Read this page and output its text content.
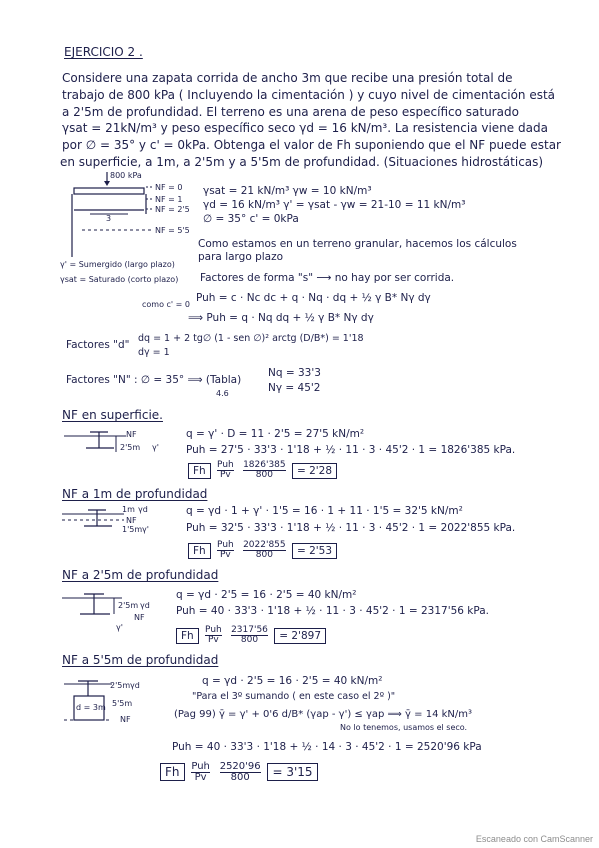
EJERCICIO 2 .
Considere una zapata corrida de ancho 3m que recibe una presión total de
trabajo de 800 kPa ( Incluyendo la cimentación ) y cuyo nivel de cimentación está
a 2'5m de profundidad. El terreno es una arena de peso específico saturado
γsat = 21kN/m³ y peso específico seco γd = 16 kN/m³. La resistencia viene dada
por ∅ = 35° y c' = 0kPa. Obtenga el valor de Fh suponiendo que el NF puede estar
en superficie, a 1m, a 2'5m y a 5'5m de profundidad. (Situaciones hidrostáticas)
800 kPa
NF = 0
NF = 1
NF = 2'5
NF = 5'5
3
γsat = 21 kN/m³ γw = 10 kN/m³
γd = 16 kN/m³ γ' = γsat - γw = 21-10 = 11 kN/m³
∅ = 35° c' = 0kPa
Como estamos en un terreno granular, hacemos los cálculos
para largo plazo
γ' = Sumergido (largo plazo)
γsat = Saturado (corto plazo) Factores de forma "s" ⟶ no hay por ser corrida.
como c' = 0
Puh = c · Nc dc + q · Nq · dq + ½ γ B* Nγ dγ
⟹ Puh = q · Nq dq + ½ γ B* Nγ dγ
Factores "d"
dq = 1 + 2 tg∅ (1 - sen ∅)² arctg (D/B*) = 1'18
dγ = 1
Factores "N" : ∅ = 35° ⟹ (Tabla)
4.6
Nq = 33'3
Nγ = 45'2
NF en superficie.
NF
2'5m γ'
q = γ' · D = 11 · 2'5 = 27'5 kN/m²
Puh = 27'5 · 33'3 · 1'18 + ½ · 11 · 3 · 45'2 · 1 = 1826'385 kPa.
Fh Puh
Pv
	$\frac{1826'385}{800} = 2'28$
NF a 1m de profundidad
1m γd
NF
1'5m γ'
q = γd · 1 + γ' · 1'5 = 16 · 1 + 11 · 1'5 = 32'5 kN/m²
Puh = 32'5 · 33'3 · 1'18 + ½ · 11 · 3 · 45'2 · 1 = 2022'855 kPa.
Fh Puh
Pv
	$\frac{2022'855}{800} = 2'53$
NF a 2'5m de profundidad
2'5m γd
NF
γ'
q = γd · 2'5 = 16 · 2'5 = 40 kN/m²
Puh = 40 · 33'3 · 1'18 + ½ · 11 · 3 · 45'2 · 1 = 2317'56 kPa.
Fh Puh
Pv
	$\frac{2317'56}{800} = 2'897$
NF a 5'5m de profundidad
2'5m γd
d = 3m 5'5m
NF
q = γd · 2'5 = 16 · 2'5 = 40 kN/m²
"Para el 3º sumando ( en este caso el 2º )"
(Pag 99) γ̄ = γ' + 0'6 d/B* (γap - γ') ≤ γap ⟹ γ̄ = 14 kN/m³
No lo tenemos, usamos el seco.
Puh = 40 · 33'3 · 1'18 + ½ · 14 · 3 · 45'2 · 1 = 2520'96 kPa
Fh Puh
Pv
	$\frac{2520'96}{800} = 3'15$
Escaneado con CamScanner
